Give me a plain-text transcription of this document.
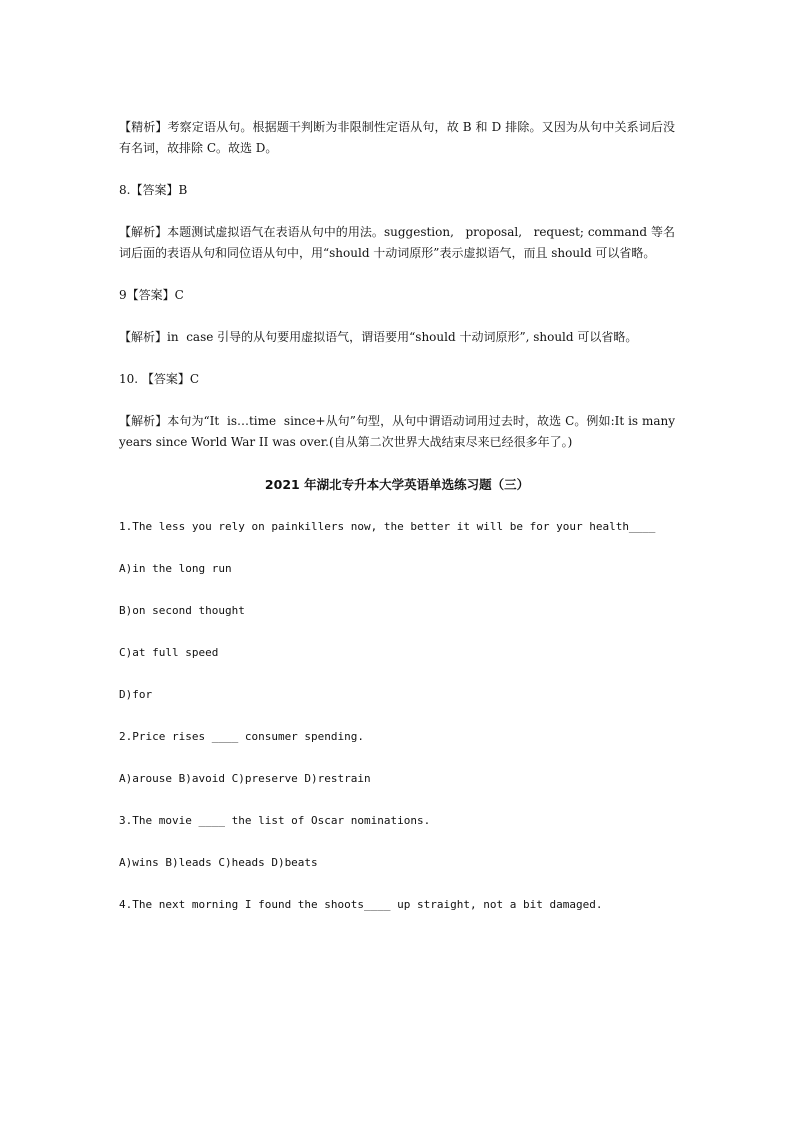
【精析】考察定语从句。根据题干判断为非限制性定语从句，故 B 和 D 排除。又因为从句中关系词后没有名词，故排除 C。故选 D。

8.【答案】B

【解析】本题测试虚拟语气在表语从句中的用法。suggestion,   proposal,   request; command 等名词后面的表语从句和同位语从句中，用“should 十动词原形”表示虚拟语气，而且 should 可以省略。

9【答案】C

【解析】in  case 引导的从句要用虚拟语气，谓语要用“should 十动词原形”, should 可以省略。

10. 【答案】C

【解析】本句为“It  is…time  since+从句”句型，从句中谓语动词用过去时，故选 C。例如:It is many years since World War II was over.(自从第二次世界大战结束尽来已经很多年了。)

2021 年湖北专升本大学英语单选练习题（三）

1.The less you rely on painkillers now, the better it will be for your health____

A)in the long run

B)on second thought

C)at full speed

D)for

2.Price rises ____ consumer spending.

A)arouse B)avoid C)preserve D)restrain

3.The movie ____ the list of Oscar nominations.

A)wins B)leads C)heads D)beats

4.The next morning I found the shoots____ up straight, not a bit damaged.
